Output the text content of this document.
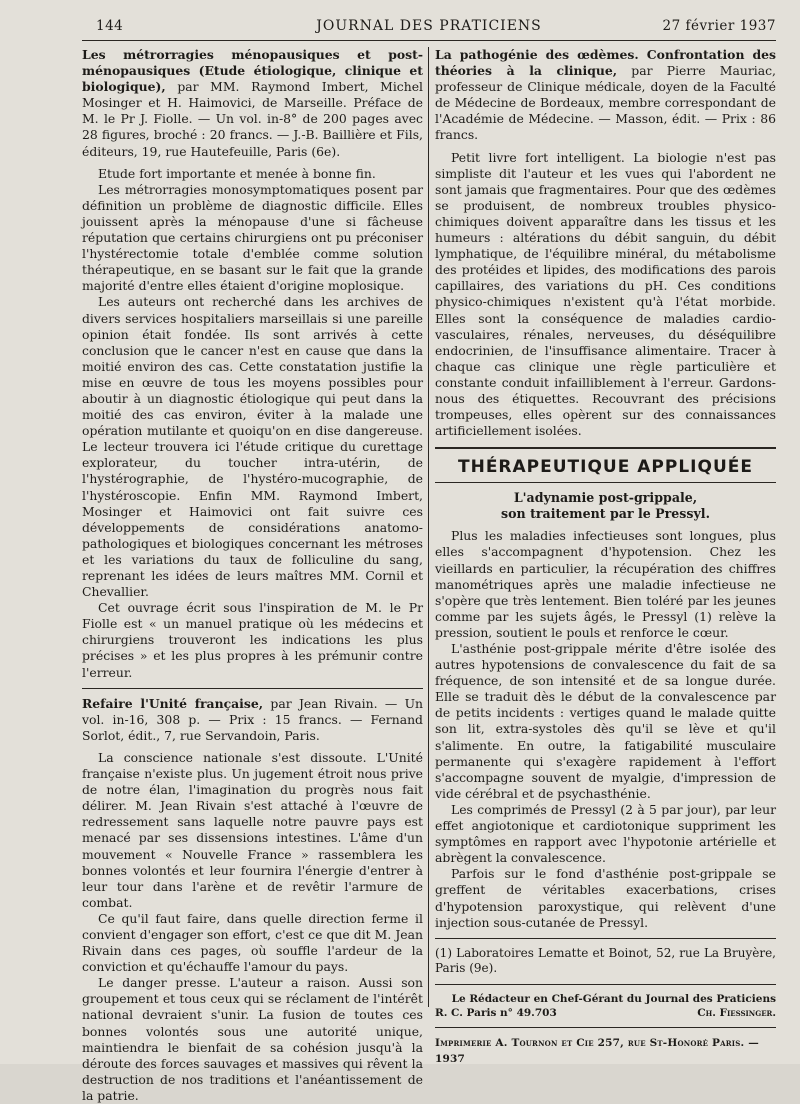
144	JOURNAL DES PRATICIENS	27 février 1937

Les métrorragies ménopausiques et post-ménopausiques (Etude étiologique, clinique et biologique), par MM. Raymond Imbert, Michel Mosinger et H. Haimovici, de Marseille. Préface de M. le Pr J. Fiolle. — Un vol. in-8° de 200 pages avec 28 figures, broché : 20 francs. — J.-B. Baillière et Fils, éditeurs, 19, rue Hautefeuille, Paris (6e).

Etude fort importante et menée à bonne fin.

Les métrorragies monosymptomatiques posent par définition un problème de diagnostic difficile. Elles jouissent après la ménopause d'une si fâcheuse réputation que certains chirurgiens ont pu préconiser l'hystérectomie totale d'emblée comme solution thérapeutique, en se basant sur le fait que la grande majorité d'entre elles étaient d'origine moplosique.

Les auteurs ont recherché dans les archives de divers services hospitaliers marseillais si une pareille opinion était fondée. Ils sont arrivés à cette conclusion que le cancer n'est en cause que dans la moitié environ des cas. Cette constatation justifie la mise en œuvre de tous les moyens possibles pour aboutir à un diagnostic étiologique qui peut dans la moitié des cas environ, éviter à la malade une opération mutilante et quoiqu'on en dise dangereuse. Le lecteur trouvera ici l'étude critique du curettage explorateur, du toucher intra-utérin, de l'hystérographie, de l'hystéro-mucographie, de l'hystéroscopie. Enfin MM. Raymond Imbert, Mosinger et Haimovici ont fait suivre ces développements de considérations anatomo-pathologiques et biologiques concernant les métroses et les variations du taux de folliculine du sang, reprenant les idées de leurs maîtres MM. Cornil et Chevallier.

Cet ouvrage écrit sous l'inspiration de M. le Pr Fiolle est « un manuel pratique où les médecins et chirurgiens trouveront les indications les plus précises » et les plus propres à les prémunir contre l'erreur.

Refaire l'Unité française, par Jean Rivain. — Un vol. in-16, 308 p. — Prix : 15 francs. — Fernand Sorlot, édit., 7, rue Servandoin, Paris.

La conscience nationale s'est dissoute. L'Unité française n'existe plus. Un jugement étroit nous prive de notre élan, l'imagination du progrès nous fait délirer. M. Jean Rivain s'est attaché à l'œuvre de redressement sans laquelle notre pauvre pays est menacé par ses dissensions intestines. L'âme d'un mouvement « Nouvelle France » rassemblera les bonnes volontés et leur fournira l'énergie d'entrer à leur tour dans l'arène et de revêtir l'armure de combat.

Ce qu'il faut faire, dans quelle direction ferme il convient d'engager son effort, c'est ce que dit M. Jean Rivain dans ces pages, où souffle l'ardeur de la conviction et qu'échauffe l'amour du pays.

Le danger presse. L'auteur a raison. Aussi son groupement et tous ceux qui se réclament de l'intérêt national devraient s'unir. La fusion de toutes ces bonnes volontés sous une autorité unique, maintiendra le bienfait de sa cohésion jusqu'à la déroute des forces sauvages et massives qui rêvent la destruction de nos traditions et l'anéantissement de la patrie.

La pathogénie des œdèmes. Confrontation des théories à la clinique, par Pierre Mauriac, professeur de Clinique médicale, doyen de la Faculté de Médecine de Bordeaux, membre correspondant de l'Académie de Médecine. — Masson, édit. — Prix : 86 francs.

Petit livre fort intelligent. La biologie n'est pas simpliste dit l'auteur et les vues qui l'abordent ne sont jamais que fragmentaires. Pour que des œdèmes se produisent, de nombreux troubles physico-chimiques doivent apparaître dans les tissus et les humeurs : altérations du débit sanguin, du débit lymphatique, de l'équilibre minéral, du métabolisme des protéides et lipides, des modifications des parois capillaires, des variations du pH. Ces conditions physico-chimiques n'existent qu'à l'état morbide. Elles sont la conséquence de maladies cardio-vasculaires, rénales, nerveuses, du déséquilibre endocrinien, de l'insuffisance alimentaire. Tracer à chaque cas clinique une règle particulière et constante conduit infailliblement à l'erreur. Gardons-nous des étiquettes. Recouvrant des précisions trompeuses, elles opèrent sur des connaissances artificiellement isolées.

THÉRAPEUTIQUE APPLIQUÉE
L'adynamie post-grippale,
son traitement par le Pressyl.

Plus les maladies infectieuses sont longues, plus elles s'accompagnent d'hypotension. Chez les vieillards en particulier, la récupération des chiffres manométriques après une maladie infectieuse ne s'opère que très lentement. Bien toléré par les jeunes comme par les sujets âgés, le Pressyl (1) relève la pression, soutient le pouls et renforce le cœur.

L'asthénie post-grippale mérite d'être isolée des autres hypotensions de convalescence du fait de sa fréquence, de son intensité et de sa longue durée. Elle se traduit dès le début de la convalescence par de petits incidents : vertiges quand le malade quitte son lit, extra-systoles dès qu'il se lève et qu'il s'alimente. En outre, la fatigabilité musculaire permanente qui s'exagère rapidement à l'effort s'accompagne souvent de myalgie, d'impression de vide cérébral et de psychasthénie.

Les comprimés de Pressyl (2 à 5 par jour), par leur effet angiotonique et cardiotonique suppriment les symptômes en rapport avec l'hypotonie artérielle et abrègent la convalescence.

Parfois sur le fond d'asthénie post-grippale se greffent de véritables exacerbations, crises d'hypotension paroxystique, qui relèvent d'une injection sous-cutanée de Pressyl.

(1) Laboratoires Lematte et Boinot, 52, rue La Bruyère, Paris (9e).

Le Rédacteur en Chef-Gérant du Journal des Praticiens
R. C. Paris n° 49.703	Ch. Fiessinger.
Imprimerie A. Tournon et Cie 257, rue St-Honoré Paris. — 1937
